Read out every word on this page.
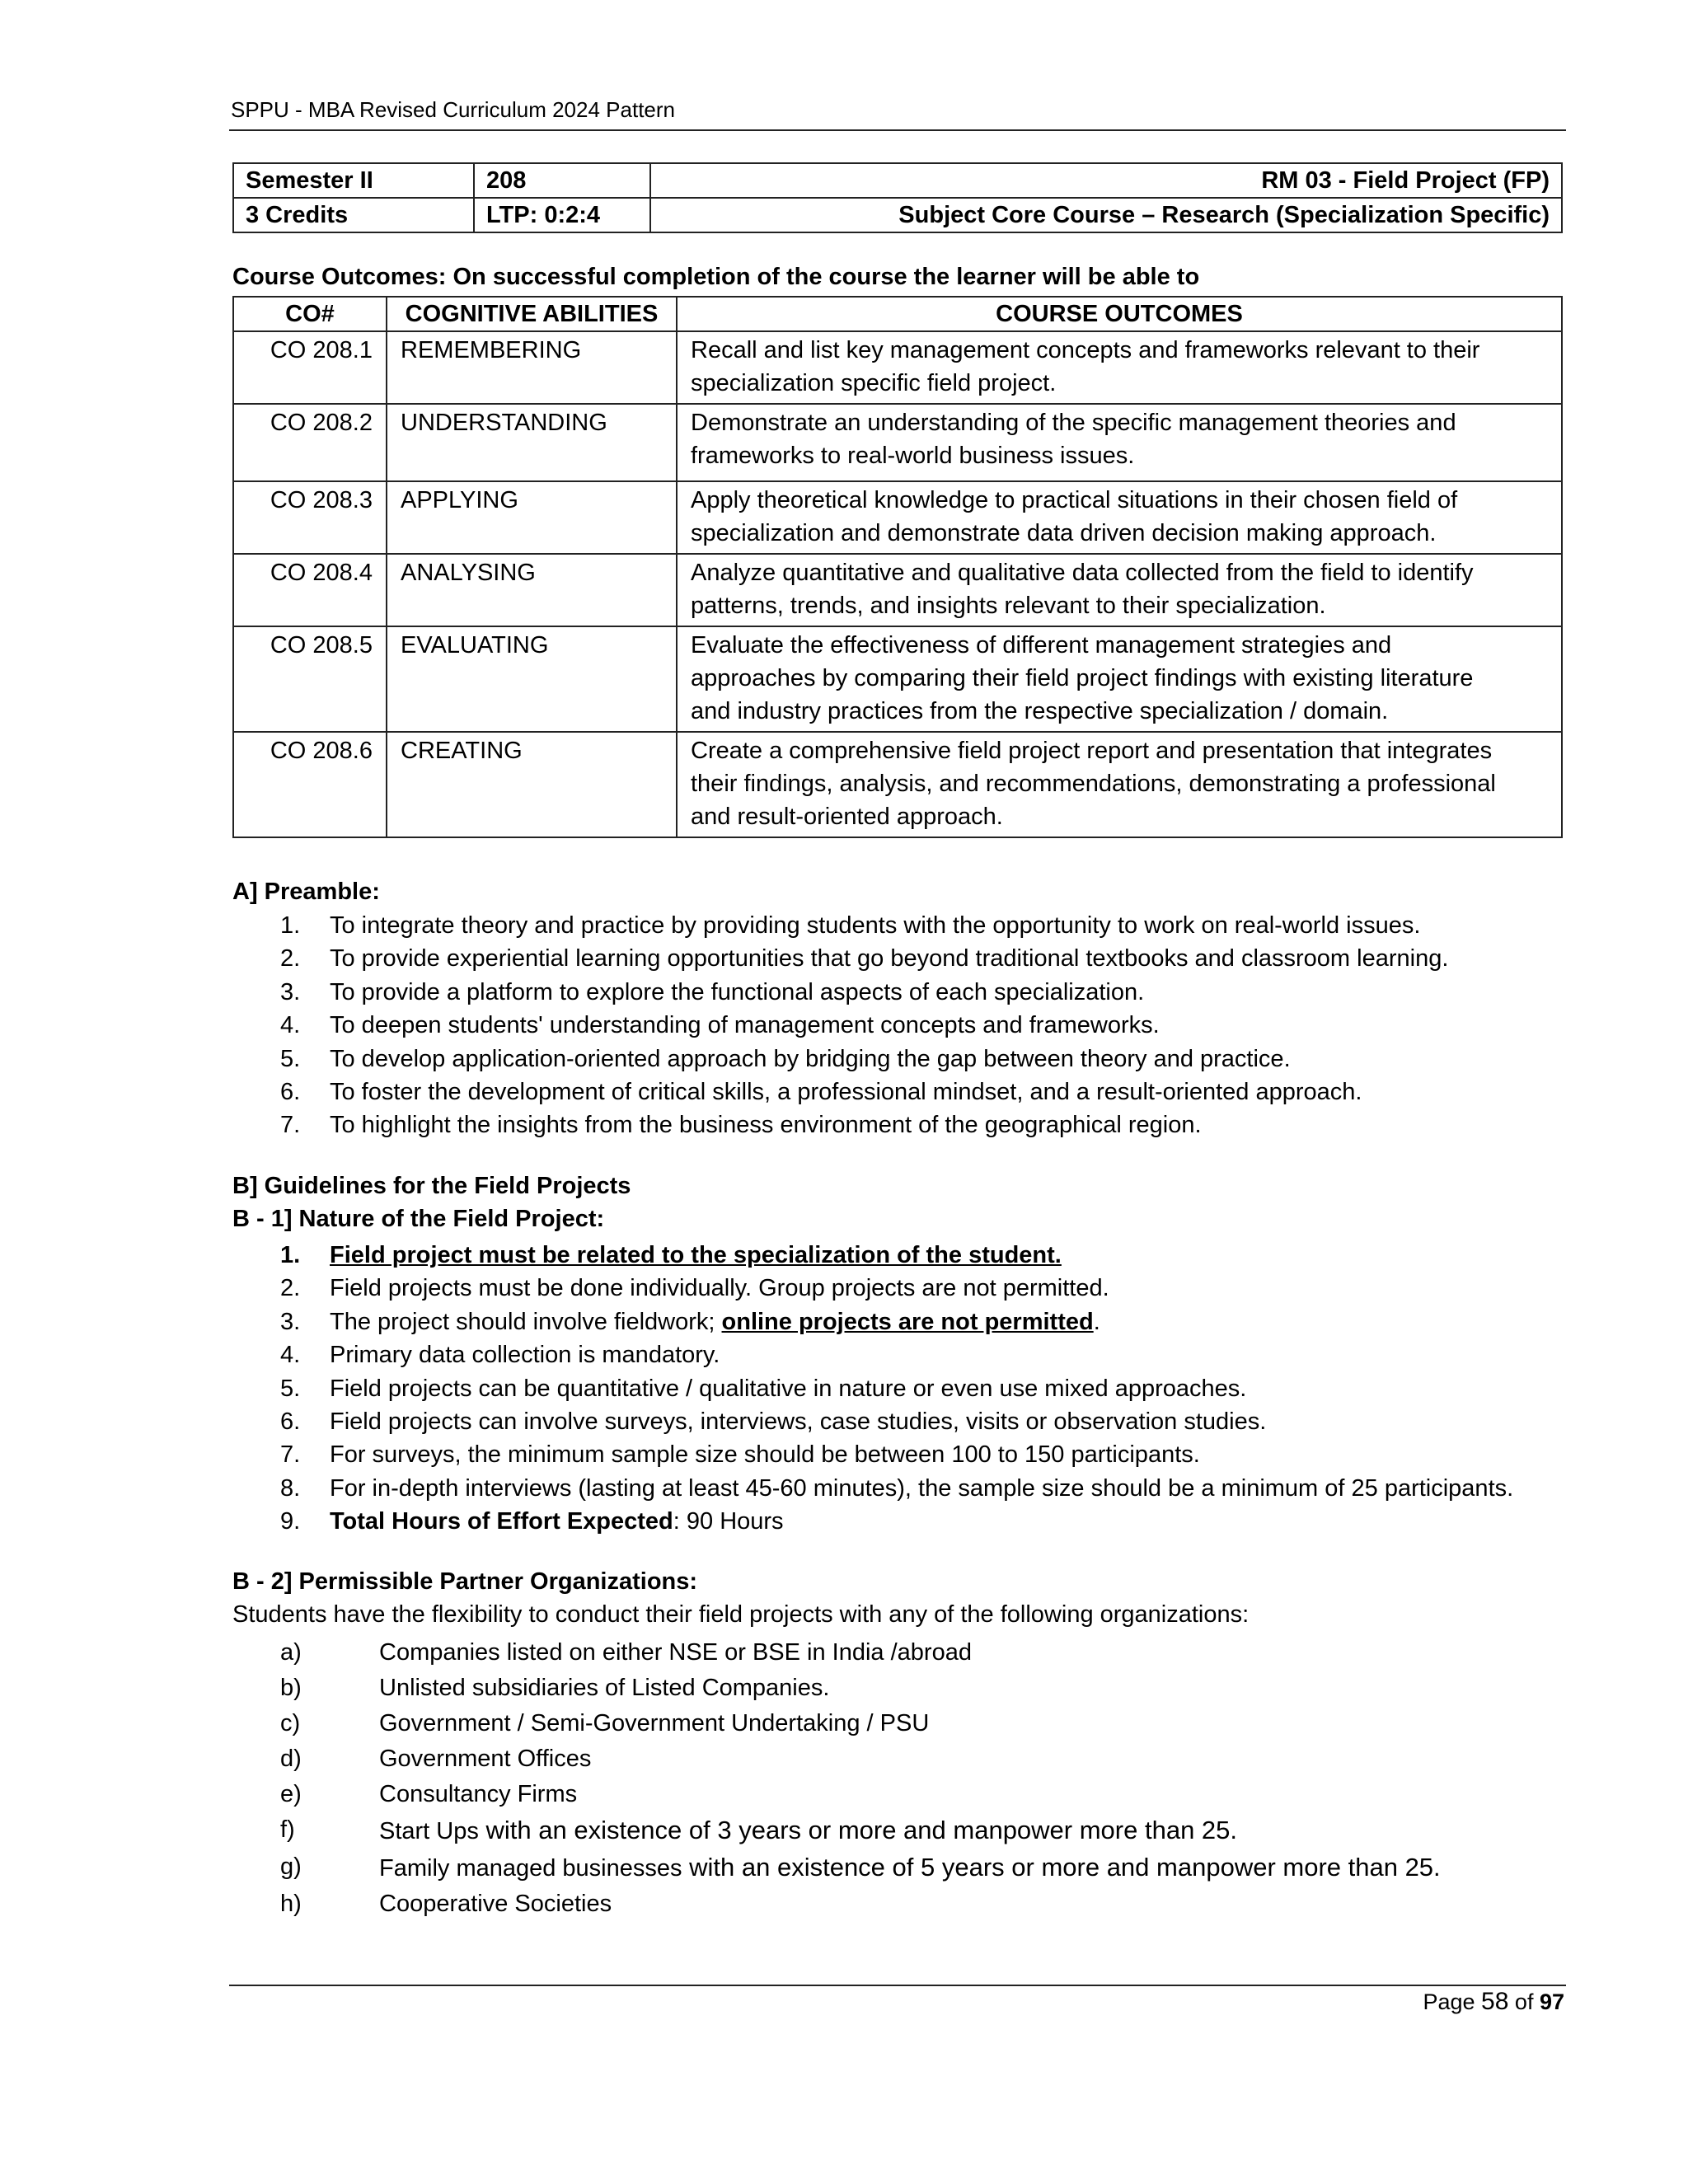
SPPU - MBA Revised Curriculum 2024 Pattern
Semester II	208	RM 03 - Field Project (FP)
3 Credits	LTP: 0:2:4	Subject Core Course – Research (Specialization Specific)
Course Outcomes: On successful completion of the course the learner will be able to
CO#	COGNITIVE ABILITIES	COURSE OUTCOMES
CO 208.1	REMEMBERING	Recall and list key management concepts and frameworks relevant to their
specialization specific field project.

CO 208.2	UNDERSTANDING	Demonstrate an understanding of the specific management theories and
frameworks to real-world business issues.

CO 208.3	APPLYING	Apply theoretical knowledge to practical situations in their chosen field of
specialization and demonstrate data driven decision making approach.

CO 208.4	ANALYSING	Analyze quantitative and qualitative data collected from the field to identify
patterns, trends, and insights relevant to their specialization.

CO 208.5	EVALUATING	Evaluate the effectiveness of different management strategies and
approaches by comparing their field project findings with existing literature
and industry practices from the respective specialization / domain.

CO 208.6	CREATING	Create a comprehensive field project report and presentation that integrates
their findings, analysis, and recommendations, demonstrating a professional
and result-oriented approach.
A] Preamble:
1.	To integrate theory and practice by providing students with the opportunity to work on real-world issues.
2.	To provide experiential learning opportunities that go beyond traditional textbooks and classroom learning.
3.	To provide a platform to explore the functional aspects of each specialization.
4.	To deepen students' understanding of management concepts and frameworks.
5.	To develop application-oriented approach by bridging the gap between theory and practice.
6.	To foster the development of critical skills, a professional mindset, and a result-oriented approach.
7.	To highlight the insights from the business environment of the geographical region.
B] Guidelines for the Field Projects
B - 1] Nature of the Field Project:
1.	Field project must be related to the specialization of the student.
2.	Field projects must be done individually. Group projects are not permitted.
3.	The project should involve fieldwork; online projects are not permitted.
4.	Primary data collection is mandatory.
5.	Field projects can be quantitative / qualitative in nature or even use mixed approaches.
6.	Field projects can involve surveys, interviews, case studies, visits or observation studies.
7.	For surveys, the minimum sample size should be between 100 to 150 participants.
8.	For in-depth interviews (lasting at least 45-60 minutes), the sample size should be a minimum of 25 participants.
9.	Total Hours of Effort Expected: 90 Hours
B - 2] Permissible Partner Organizations:
Students have the flexibility to conduct their field projects with any of the following organizations:
a)	Companies listed on either NSE or BSE in India /abroad
b)	Unlisted subsidiaries of Listed Companies.
c)	Government / Semi-Government Undertaking / PSU
d)	Government Offices
e)	Consultancy Firms
f)	Start Ups with an existence of 3 years or more and manpower more than 25.
g)	Family managed businesses with an existence of 5 years or more and manpower more than 25.
h)	Cooperative Societies
Page 58 of 97
